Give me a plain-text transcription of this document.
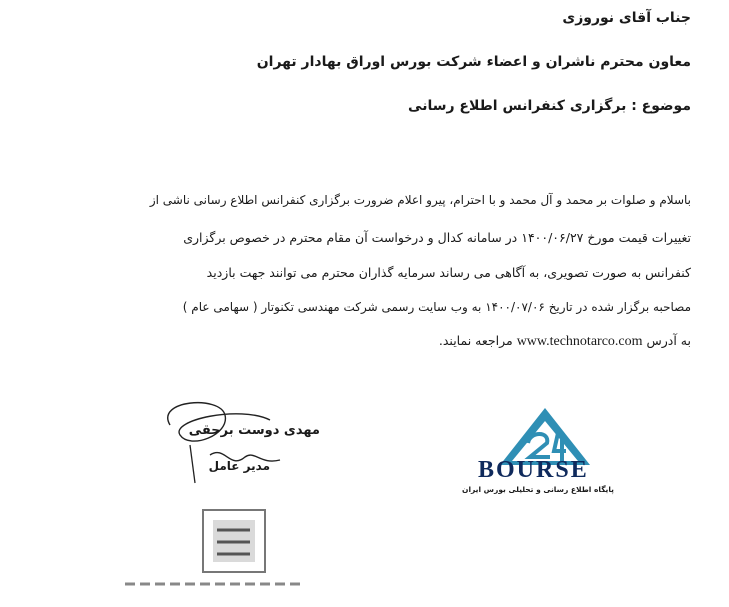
جناب آقای نوروزی
معاون محترم ناشران و اعضاء شرکت بورس اوراق بهادار تهران
موضوع : برگزاری کنفرانس اطلاع رسانی
باسلام و صلوات بر محمد و آل محمد و با احترام، پیرو اعلام ضرورت برگزاری کنفرانس اطلاع رسانی ناشی از
تغییرات قیمت مورخ ۱۴۰۰/۰۶/۲۷ در سامانه کدال و درخواست آن مقام محترم در خصوص برگزاری
کنفرانس به صورت تصویری، به آگاهی می رساند سرمایه گذاران محترم می توانند جهت بازدید
مصاحبه برگزار شده در تاریخ ۱۴۰۰/۰۷/۰۶ به وب سایت رسمی شرکت مهندسی تکنوتار ( سهامی عام )
به آدرس www.technotarco.com مراجعه نمایند.
مهدی دوست برحقی
مدیر عامل	BOURSE
پایگاه اطلاع رسانی و تحلیلی بورس ایران
